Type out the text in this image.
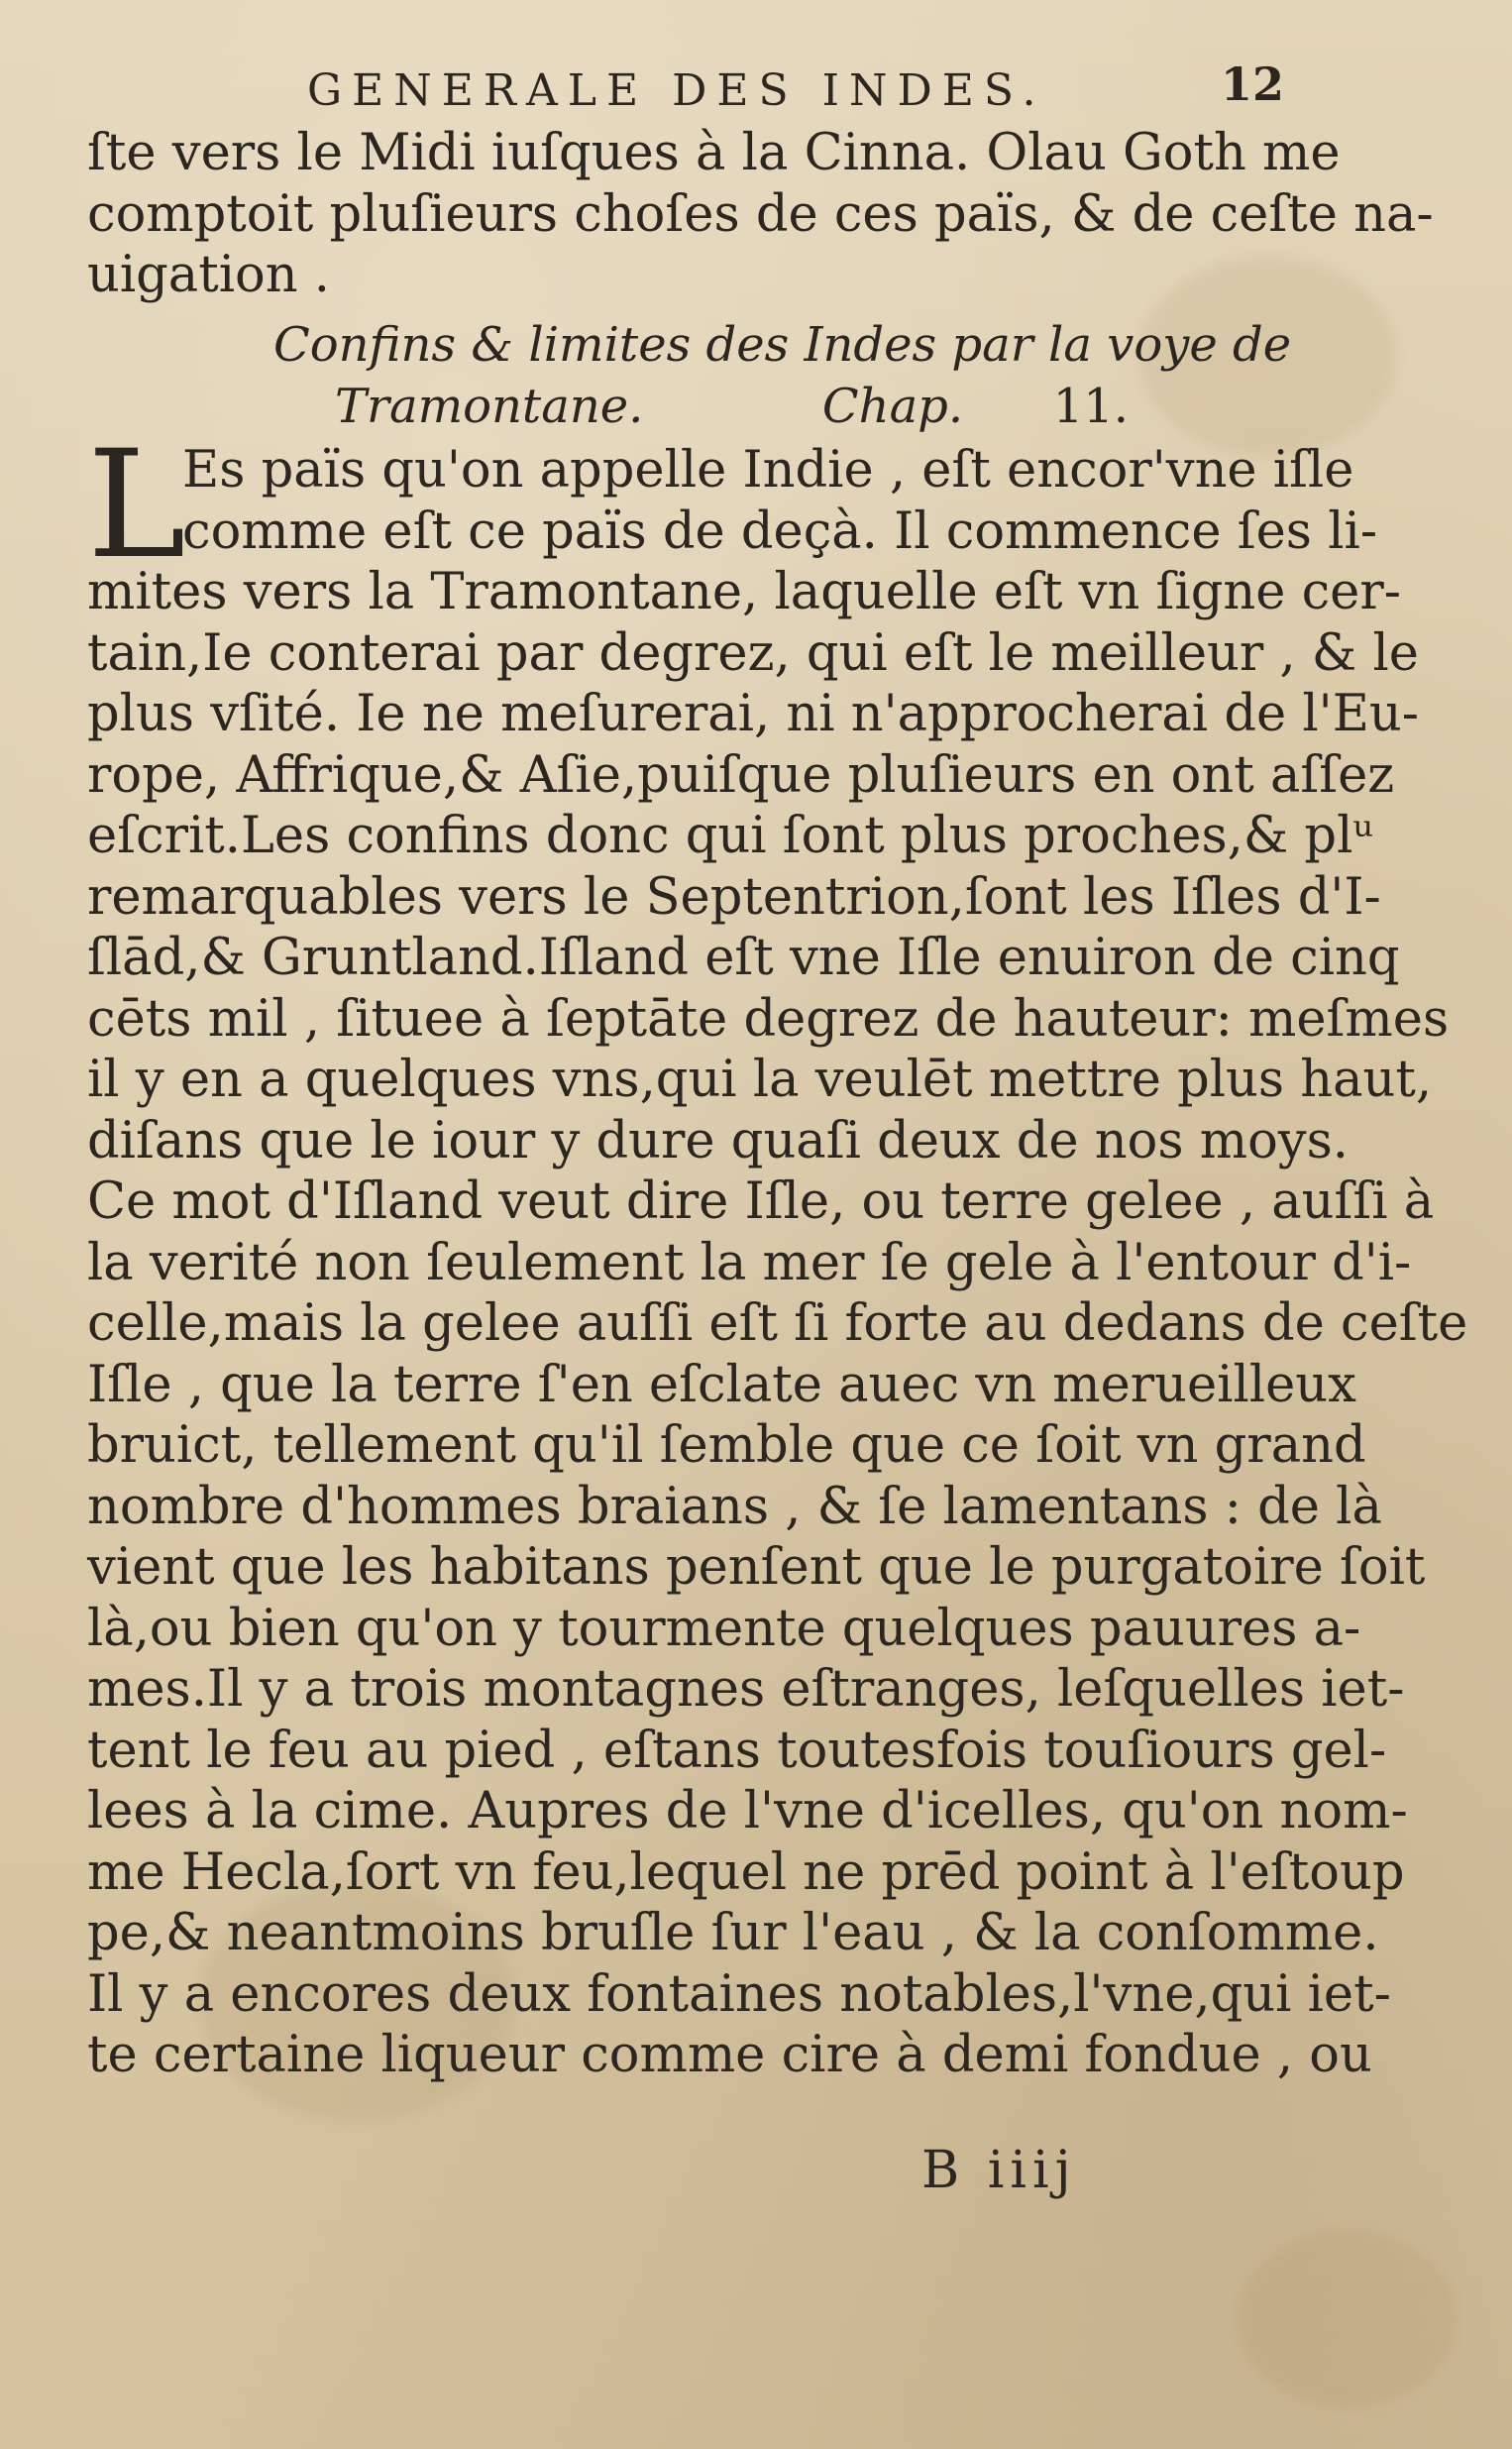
GENERALE DES INDES.	12
ſte vers le Midi iuſques à la Cinna. Olau Goth me
comptoit pluſieurs choſes de ces païs, & de ceſte na-
uigation .
Confins & limites des Indes par la voye de
Tramontane.	Chap. 11.
L
Es païs qu'on appelle Indie , eſt encor'vne iſle
comme eſt ce païs de deçà. Il commence ſes li-
mites vers la Tramontane, laquelle eſt vn ſigne cer-
tain,Ie conterai par degrez, qui eſt le meilleur , & le
plus vſité. Ie ne meſurerai, ni n'approcherai de l'Eu-
rope, Affrique,& Aſie,puiſque pluſieurs en ont aſſez
eſcrit.Les confins donc qui ſont plus proches,& plᵘ
remarquables vers le Septentrion,ſont les Iſles d'I-
ſlād,& Gruntland.Iſland eſt vne Iſle enuiron de cinq
cēts mil , ſituee à ſeptāte degrez de hauteur: meſmes
il y en a quelques vns,qui la veulēt mettre plus haut,
diſans que le iour y dure quaſi deux de nos moys.
Ce mot d'Iſland veut dire Iſle, ou terre gelee , auſſi à
la verité non ſeulement la mer ſe gele à l'entour d'i-
celle,mais la gelee auſſi eſt ſi forte au dedans de ceſte
Iſle , que la terre ſ'en eſclate auec vn merueilleux
bruict, tellement qu'il ſemble que ce ſoit vn grand
nombre d'hommes braians , & ſe lamentans : de là
vient que les habitans penſent que le purgatoire ſoit
là,ou bien qu'on y tourmente quelques pauures a-
mes.Il y a trois montagnes eſtranges, leſquelles iet-
tent le feu au pied , eſtans toutesfois touſiours gel-
lees à la cime. Aupres de l'vne d'icelles, qu'on nom-
me Hecla,ſort vn feu,lequel ne prēd point à l'eſtoup
pe,& neantmoins bruſle ſur l'eau , & la conſomme.
Il y a encores deux fontaines notables,l'vne,qui iet-
te certaine liqueur comme cire à demi fondue , ou
B iiij
